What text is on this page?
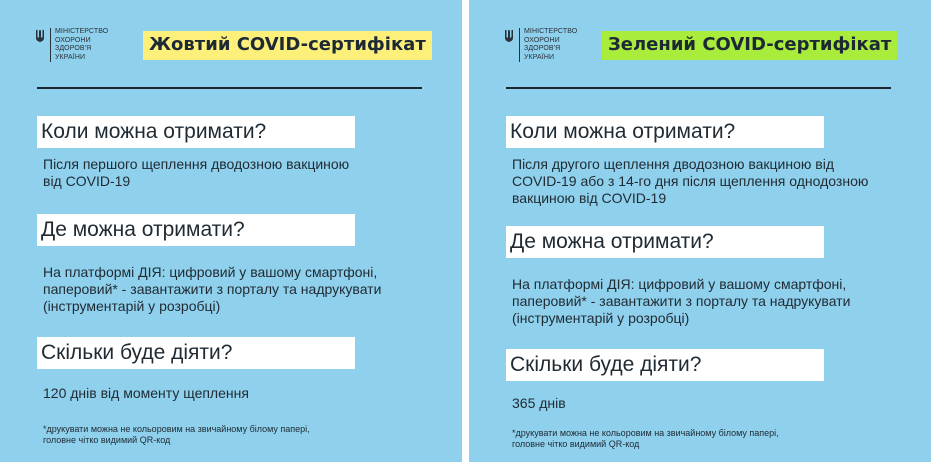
МІНІСТЕРСТВО
ОХОРОНИ
ЗДОРОВ'Я
УКРАЇНИ
Жовтий COVID-сертифікат
Коли можна отримати?
Після першого щеплення дводозною вакциною
від COVID-19
Де можна отримати?
На платформі ДІЯ: цифровий у вашому смартфоні,
паперовий* - завантажити з порталу та надрукувати
(інструментарій у розробці)
Скільки буде діяти?
120 днів від моменту щеплення
*друкувати можна не кольоровим на звичайному білому папері,
головне чітко видимий QR-код
МІНІСТЕРСТВО
ОХОРОНИ
ЗДОРОВ'Я
УКРАЇНИ
Зелений COVID-сертифікат
Коли можна отримати?
Після другого щеплення дводозною вакциною від
COVID-19 або з 14-го дня після щеплення однодозною
вакциною від COVID-19
Де можна отримати?
На платформі ДІЯ: цифровий у вашому смартфоні,
паперовий* - завантажити з порталу та надрукувати
(інструментарій у розробці)
Скільки буде діяти?
365 днів
*друкувати можна не кольоровим на звичайному білому папері,
головне чітко видимий QR-код
